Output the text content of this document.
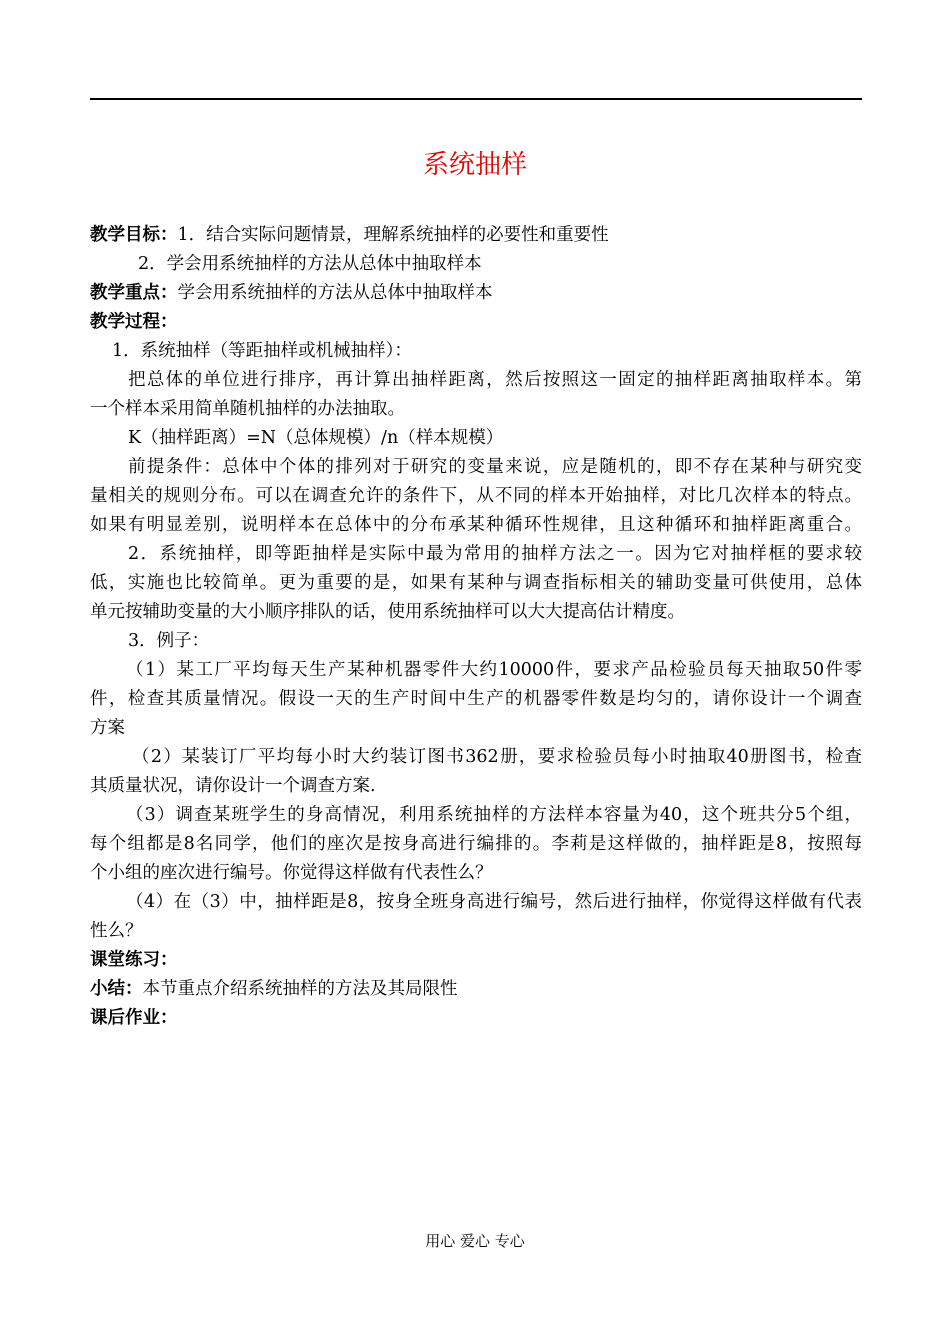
系统抽样
教学目标：1．结合实际问题情景，理解系统抽样的必要性和重要性
2．学会用系统抽样的方法从总体中抽取样本
教学重点：学会用系统抽样的方法从总体中抽取样本
教学过程：
1．系统抽样（等距抽样或机械抽样）：
把总体的单位进行排序，再计算出抽样距离，然后按照这一固定的抽样距离抽取样本。第
一个样本采用简单随机抽样的办法抽取。
K（抽样距离）=N（总体规模）/n（样本规模）
前提条件：总体中个体的排列对于研究的变量来说，应是随机的，即不存在某种与研究变
量相关的规则分布。可以在调查允许的条件下，从不同的样本开始抽样，对比几次样本的特点。
如果有明显差别，说明样本在总体中的分布承某种循环性规律，且这种循环和抽样距离重合。
2．系统抽样，即等距抽样是实际中最为常用的抽样方法之一。因为它对抽样框的要求较
低，实施也比较简单。更为重要的是，如果有某种与调查指标相关的辅助变量可供使用，总体
单元按辅助变量的大小顺序排队的话，使用系统抽样可以大大提高估计精度。
3．例子：
（1）某工厂平均每天生产某种机器零件大约10000件，要求产品检验员每天抽取50件零
件，检查其质量情况。假设一天的生产时间中生产的机器零件数是均匀的，请你设计一个调查
方案
（2）某装订厂平均每小时大约装订图书362册，要求检验员每小时抽取40册图书，检查
其质量状况，请你设计一个调查方案.
（3）调查某班学生的身高情况，利用系统抽样的方法样本容量为40，这个班共分5个组，
每个组都是8名同学，他们的座次是按身高进行编排的。李莉是这样做的，抽样距是8，按照每
个小组的座次进行编号。你觉得这样做有代表性么？
（4）在（3）中，抽样距是8，按身全班身高进行编号，然后进行抽样，你觉得这样做有代表
性么？
课堂练习：
小结：本节重点介绍系统抽样的方法及其局限性
课后作业：
用心 爱心 专心
